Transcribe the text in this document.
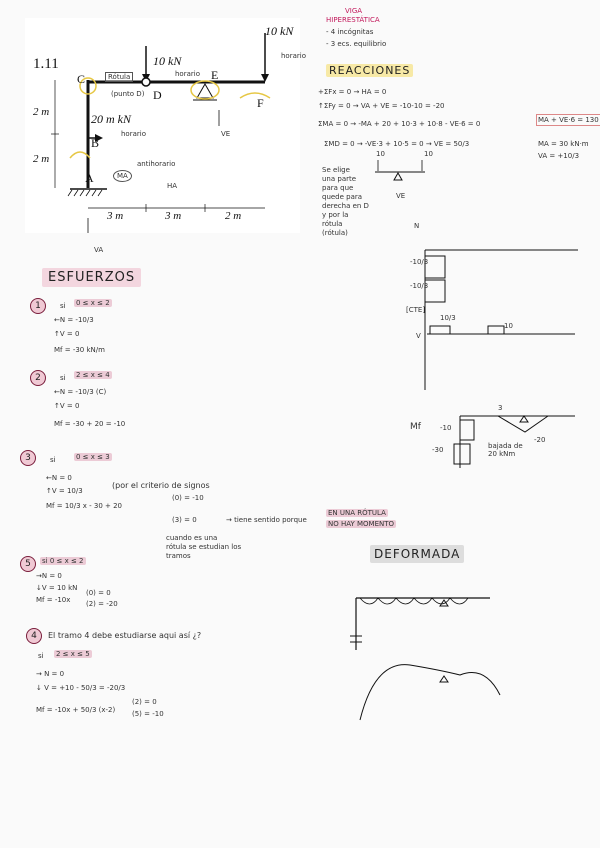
1.11	10 kN
10 kN
20 m kN
C
D
E
F
B
A
2 m
2 m
3 m	3 m	2 m
Rótula
(punto D)
horario
horario
horario
antihorario
HA
MA
VE
VA
VIGA
HIPERESTÁTICA
- 4 incógnitas
- 3 ecs. equilibrio
REACCIONES
+ΣFx = 0 → HA = 0
↑ΣFy = 0 → VA + VE = -10-10 = -20
ΣMA = 0 → -MA + 20 + 10·3 + 10·8 - VE·6 = 0	MA + VE·6 = 130
ΣMD = 0 → -VE·3 + 10·5 = 0 → VE = 50/3	MA = 30 kN·m
VA = +10/3
Se elige
una parte
para que
quede para
derecha en D
y por la
rótula
(rótula)
10	10
VE
ESFUERZOS
1	si 0 ≤ x ≤ 2
←N = -10/3
↑V = 0
Mf = -30 kN/m
2	si 2 ≤ x ≤ 4
←N = -10/3 (C)
↑V = 0
Mf = -30 + 20 = -10
3	si	0 ≤ x ≤ 3
←N = 0
↑V = 10/3
(por el criterio de signos
Mf = 10/3 x - 30 + 20
(0) = -10
(3) = 0	→ tiene sentido porque
EN UNA RÓTULA
NO HAY MOMENTO
cuando es una
rótula se estudian los
tramos
5	si 0 ≤ x ≤ 2
→N = 0
↓V = 10 kN
Mf = -10x
(0) = 0
(2) = -20
4	El tramo 4 debe estudiarse aqui así ¿?
si 2 ≤ x ≤ 5
→ N = 0
↓ V = +10 - 50/3 = -20/3
Mf = -10x + 50/3 (x-2)
(2) = 0
(5) = -10
-10/3
-10/3
[CTE]
10/3
10
V
Mf	-10
-30
3
-20
bajada de 20 kNm
N
DEFORMADA
